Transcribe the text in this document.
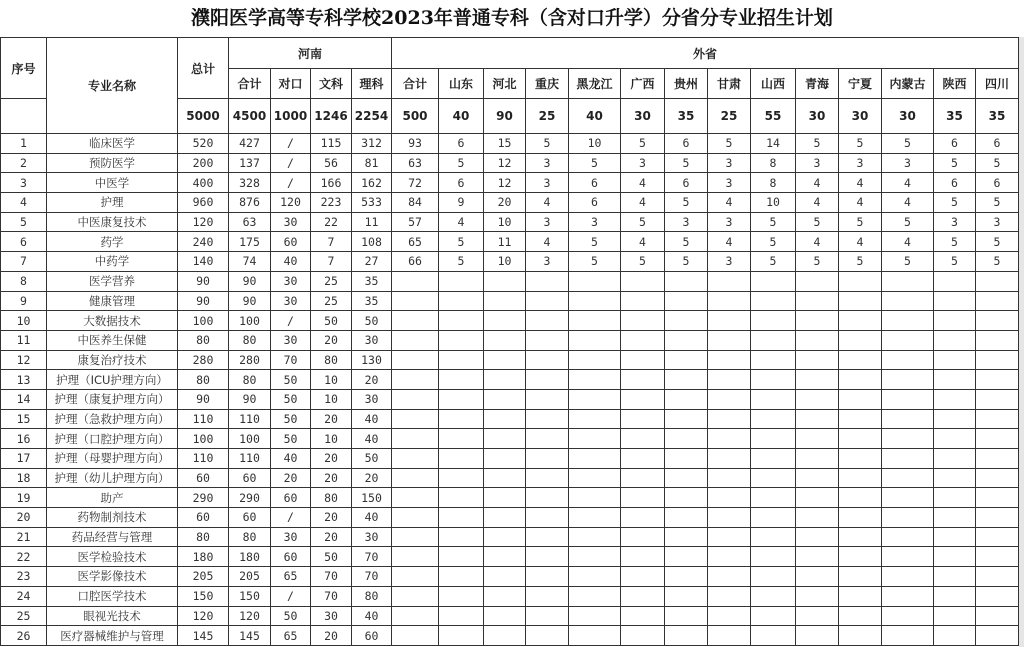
濮阳医学高等专科学校2023年普通专科（含对口升学）分省分专业招生计划
序号	专业名称	总计	河南				外省													
			合计	对口	文科	理科	合计	山东	河北	重庆	黑龙江	广西	贵州	甘肃	山西	青海	宁夏	内蒙古	陕西	四川
		5000	4500	1000	1246	2254	500	40	90	25	40	30	35	25	55	30	30	30	35	35
1	临床医学	520	427	/	115	312	93	6	15	5	10	5	6	5	14	5	5	5	6	6
2	预防医学	200	137	/	56	81	63	5	12	3	5	3	5	3	8	3	3	3	5	5
3	中医学	400	328	/	166	162	72	6	12	3	6	4	6	3	8	4	4	4	6	6
4	护理	960	876	120	223	533	84	9	20	4	6	4	5	4	10	4	4	4	5	5
5	中医康复技术	120	63	30	22	11	57	4	10	3	3	5	3	3	5	5	5	5	3	3
6	药学	240	175	60	7	108	65	5	11	4	5	4	5	4	5	4	4	4	5	5
7	中药学	140	74	40	7	27	66	5	10	3	5	5	5	3	5	5	5	5	5	5
8	医学营养	90	90	30	25	35														
9	健康管理	90	90	30	25	35														
10	大数据技术	100	100	/	50	50														
11	中医养生保健	80	80	30	20	30														
12	康复治疗技术	280	280	70	80	130														
13	护理（ICU护理方向）	80	80	50	10	20														
14	护理（康复护理方向）	90	90	50	10	30														
15	护理（急救护理方向）	110	110	50	20	40														
16	护理（口腔护理方向）	100	100	50	10	40														
17	护理（母婴护理方向）	110	110	40	20	50														
18	护理（幼儿护理方向）	60	60	20	20	20														
19	助产	290	290	60	80	150														
20	药物制剂技术	60	60	/	20	40														
21	药品经营与管理	80	80	30	20	30														
22	医学检验技术	180	180	60	50	70														
23	医学影像技术	205	205	65	70	70														
24	口腔医学技术	150	150	/	70	80														
25	眼视光技术	120	120	50	30	40														
26	医疗器械维护与管理	145	145	65	20	60														
